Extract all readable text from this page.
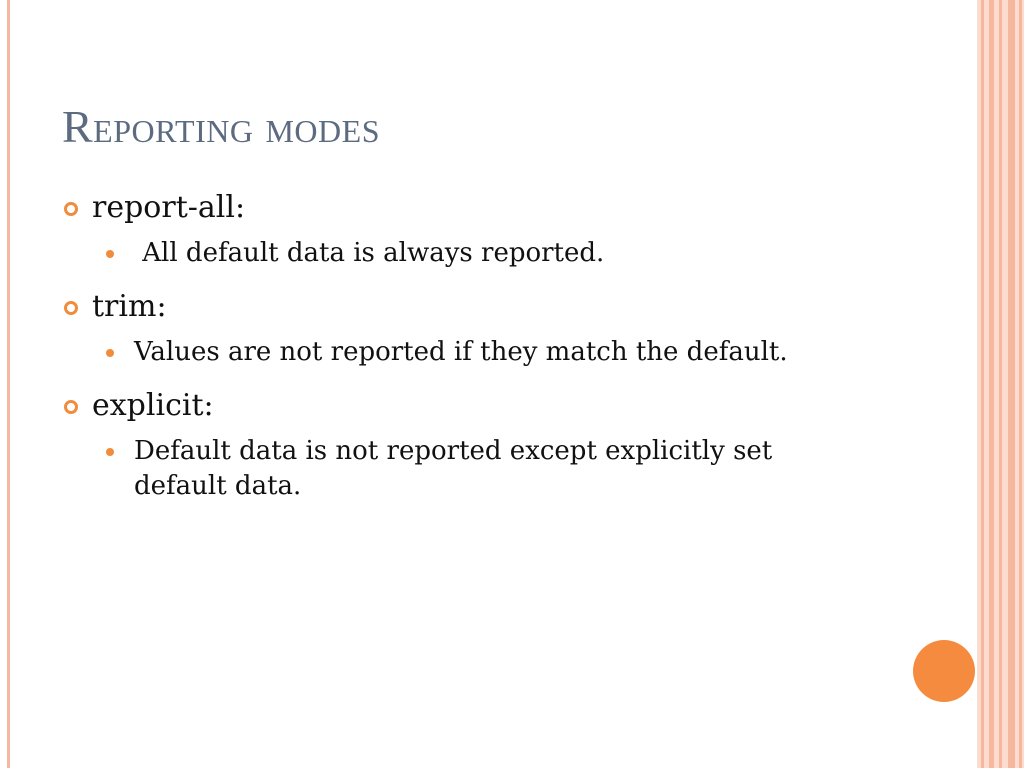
Reporting modes
report-all:
All default data is always reported.
trim:
Values are not reported if they match the default.
explicit:
Default data is not reported except explicitly set default data.
